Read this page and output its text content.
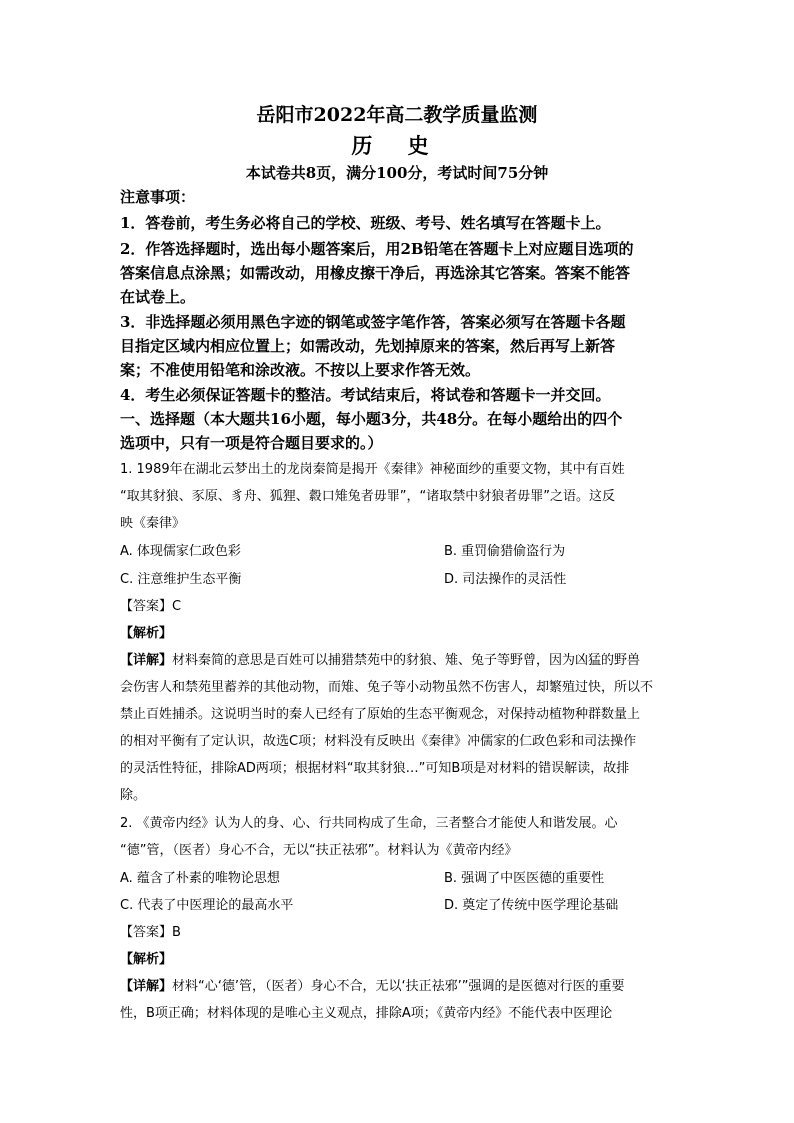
岳阳市2022年高二教学质量监测
历 史
本试卷共8页，满分100分，考试时间75分钟
注意事项：
1．答卷前，考生务必将自己的学校、班级、考号、姓名填写在答题卡上。
2．作答选择题时，选出每小题答案后，用2B铅笔在答题卡上对应题目选项的
答案信息点涂黑；如需改动，用橡皮擦干净后，再选涂其它答案。答案不能答
在试卷上。
3．非选择题必须用黑色字迹的钢笔或签字笔作答，答案必须写在答题卡各题
目指定区域内相应位置上；如需改动，先划掉原来的答案，然后再写上新答
案；不准使用铅笔和涂改液。不按以上要求作答无效。
4．考生必须保证答题卡的整洁。考试结束后，将试卷和答题卡一并交回。
一、选择题（本大题共16小题，每小题3分，共48分。在每小题给出的四个
选项中，只有一项是符合题目要求的。）
1. 1989年在湖北云梦出土的龙岗秦简是揭开《秦律》神秘面纱的重要文物，其中有百姓
“取其豺狼、豕原、豸舟、狐狸、縠口雉兔者毋罪”，“诸取禁中豺狼者毋罪”之语。这反
映《秦律》
A. 体现儒家仁政色彩	B. 重罚偷猎偷盗行为
C. 注意维护生态平衡	D. 司法操作的灵活性
【答案】C
【解析】
【详解】材料秦简的意思是百姓可以捕猎禁苑中的豺狼、雉、兔子等野曾，因为凶猛的野兽
会伤害人和禁苑里蓄养的其他动物，而雉、兔子等小动物虽然不伤害人，却繁殖过快，所以不
禁止百姓捕杀。这说明当时的秦人已经有了原始的生态平衡观念，对保持动植物种群数量上
的相对平衡有了定认识，故选C项；材料没有反映出《秦律》冲儒家的仁政色彩和司法操作
的灵活性特征，排除AD两项；根据材料“取其豺狼…”可知B项是对材料的错误解读，故排
除。
2. 《黄帝内经》认为人的身、心、行共同构成了生命，三者整合才能使人和谐发展。心
“德”管，（医者）身心不合，无以“扶正祛邪”。材料认为《黄帝内经》
A. 蕴含了朴素的唯物论思想	B. 强调了中医医德的重要性
C. 代表了中医理论的最高水平	D. 奠定了传统中医学理论基础
【答案】B
【解析】
【详解】材料“心‘德’管，（医者）身心不合，无以‘扶正祛邪’”强调的是医德对行医的重要
性，B项正确；材料体现的是唯心主义观点，排除A项；《黄帝内经》不能代表中医理论
